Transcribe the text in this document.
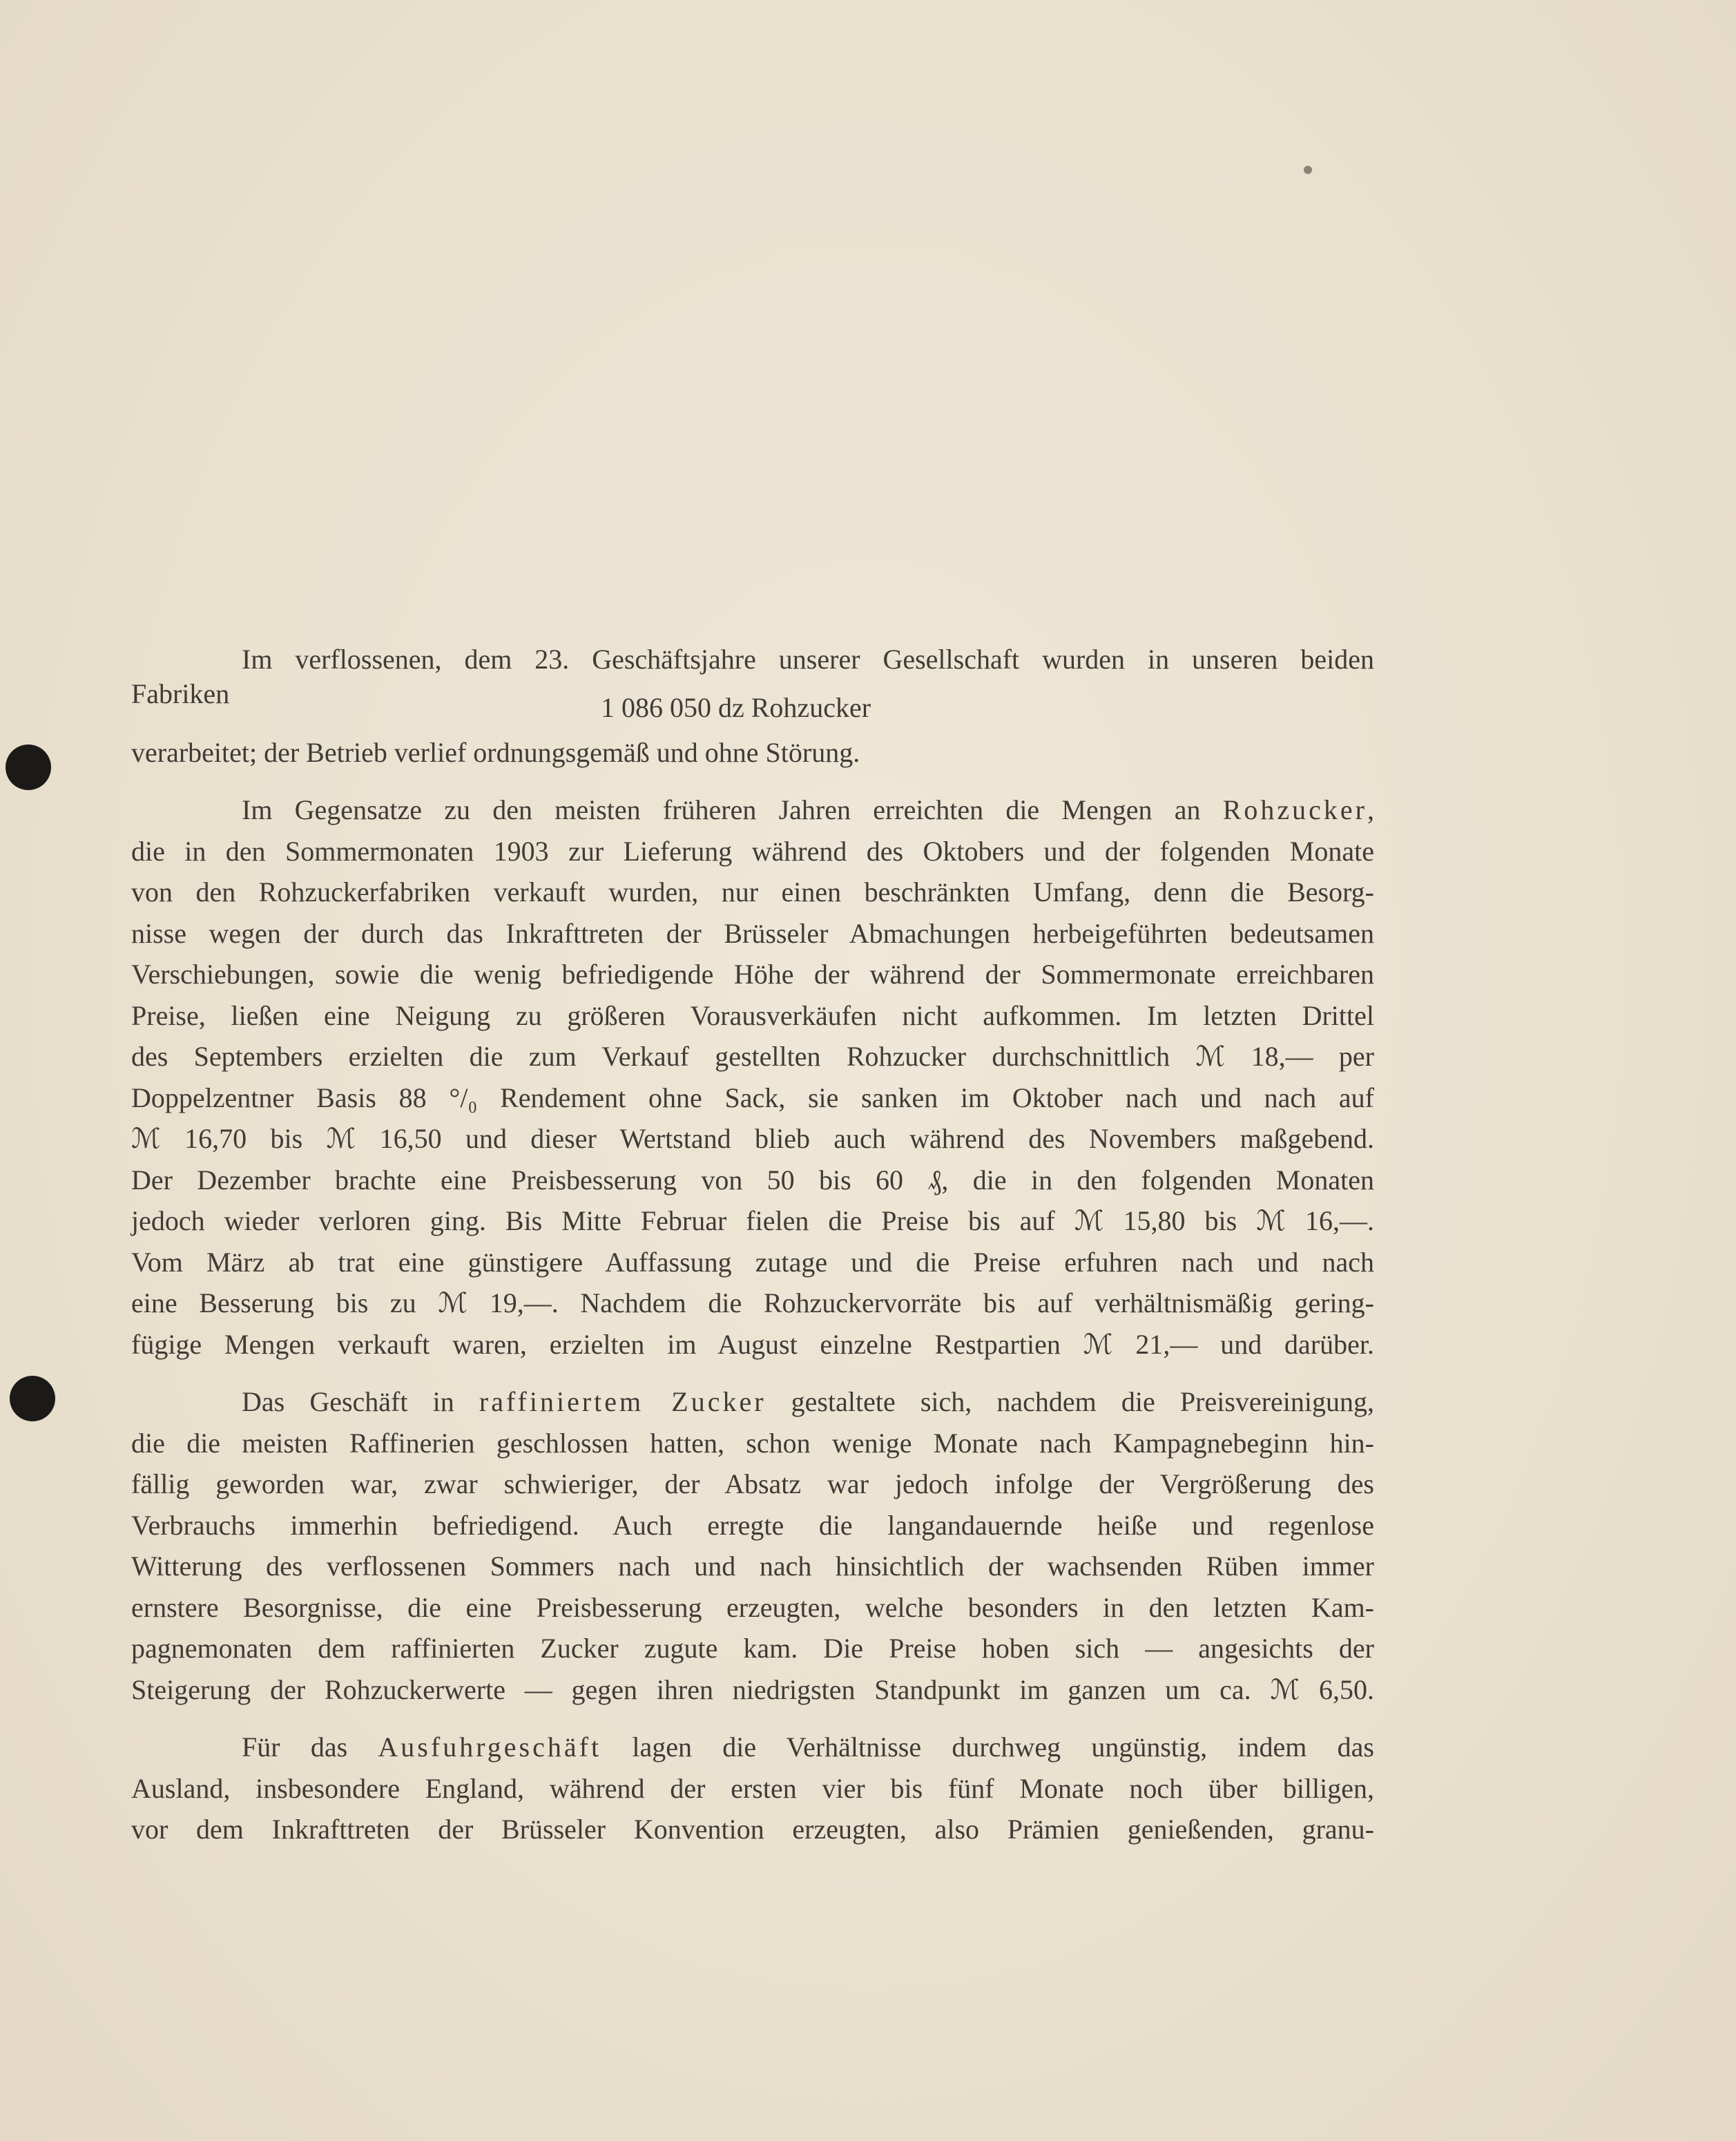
Im verflossenen, dem 23. Geschäftsjahre unserer Gesellschaft wurden in unseren beiden
Fabriken	1 086 050 dz Rohzucker
verarbeitet; der Betrieb verlief ordnungsgemäß und ohne Störung.
Im Gegensatze zu den meisten früheren Jahren erreichten die Mengen an Rohzucker,
die in den Sommermonaten 1903 zur Lieferung während des Oktobers und der folgenden Monate
von den Rohzuckerfabriken verkauft wurden, nur einen beschränkten Umfang, denn die Besorg-
nisse wegen der durch das Inkrafttreten der Brüsseler Abmachungen herbeigeführten bedeutsamen
Verschiebungen, sowie die wenig befriedigende Höhe der während der Sommermonate erreichbaren
Preise, ließen eine Neigung zu größeren Vorausverkäufen nicht aufkommen. Im letzten Drittel
des Septembers erzielten die zum Verkauf gestellten Rohzucker durchschnittlich ℳ 18,— per
Doppelzentner Basis 88 °/₀ Rendement ohne Sack, sie sanken im Oktober nach und nach auf
ℳ 16,70 bis ℳ 16,50 und dieser Wertstand blieb auch während des Novembers maßgebend.
Der Dezember brachte eine Preisbesserung von 50 bis 60 ₰, die in den folgenden Monaten
jedoch wieder verloren ging. Bis Mitte Februar fielen die Preise bis auf ℳ 15,80 bis ℳ 16,—.
Vom März ab trat eine günstigere Auffassung zutage und die Preise erfuhren nach und nach
eine Besserung bis zu ℳ 19,—. Nachdem die Rohzuckervorräte bis auf verhältnismäßig gering-
fügige Mengen verkauft waren, erzielten im August einzelne Restpartien ℳ 21,— und darüber.
Das Geschäft in raffiniertem Zucker gestaltete sich, nachdem die Preisvereinigung,
die die meisten Raffinerien geschlossen hatten, schon wenige Monate nach Kampagnebeginn hin-
fällig geworden war, zwar schwieriger, der Absatz war jedoch infolge der Vergrößerung des
Verbrauchs immerhin befriedigend. Auch erregte die langandauernde heiße und regenlose
Witterung des verflossenen Sommers nach und nach hinsichtlich der wachsenden Rüben immer
ernstere Besorgnisse, die eine Preisbesserung erzeugten, welche besonders in den letzten Kam-
pagnemonaten dem raffinierten Zucker zugute kam. Die Preise hoben sich — angesichts der
Steigerung der Rohzuckerwerte — gegen ihren niedrigsten Standpunkt im ganzen um ca. ℳ 6,50.
Für das Ausfuhrgeschäft lagen die Verhältnisse durchweg ungünstig, indem das
Ausland, insbesondere England, während der ersten vier bis fünf Monate noch über billigen,
vor dem Inkrafttreten der Brüsseler Konvention erzeugten, also Prämien genießenden, granu-
